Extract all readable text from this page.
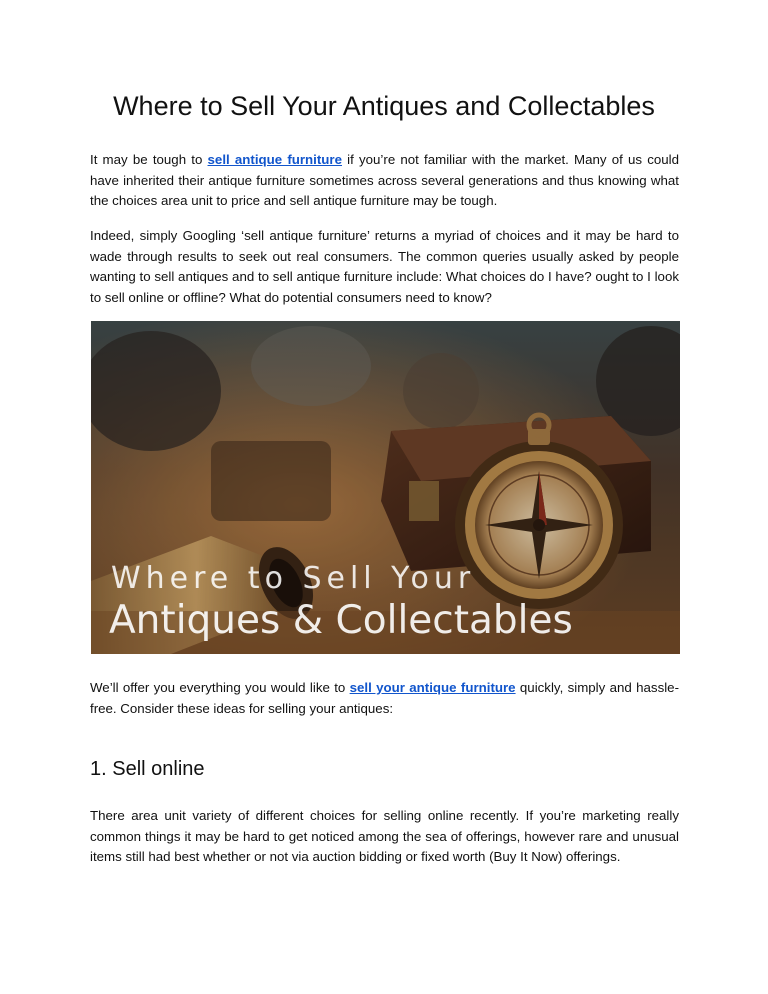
Where to Sell Your Antiques and Collectables

It may be tough to sell antique furniture if you’re not familiar with the market. Many of us could have inherited their antique furniture sometimes across several generations and thus knowing what the choices area unit to price and sell antique furniture may be tough.

Indeed, simply Googling ‘sell antique furniture’ returns a myriad of choices and it may be hard to wade through results to seek out real consumers. The common queries usually asked by people wanting to sell antiques and to sell antique furniture include: What choices do I have? ought to I look to sell online or offline? What do potential consumers need to know?

Where to Sell Your
Antiques & Collectables

We’ll offer you everything you would like to sell your antique furniture quickly, simply and hassle-free. Consider these ideas for selling your antiques:

1. Sell online

There area unit variety of different choices for selling online recently. If you’re marketing really common things it may be hard to get noticed among the sea of offerings, however rare and unusual items still had best whether or not via auction bidding or fixed worth (Buy It Now) offerings.
